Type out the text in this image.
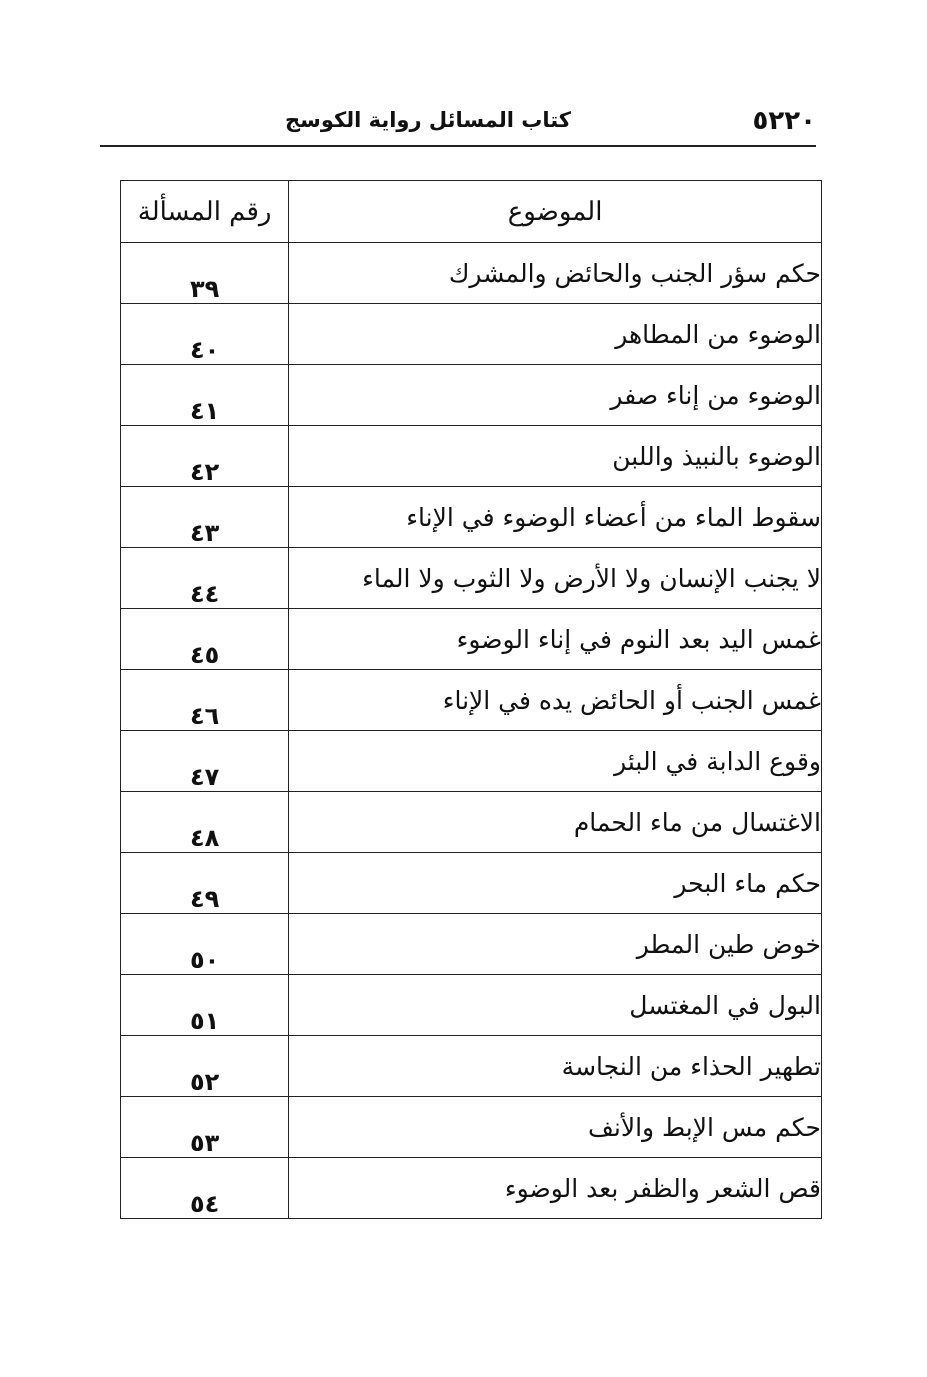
٥٢٢٠
كتاب المسائل رواية الكوسج
الموضوع	رقم المسألة
حكم سؤر الجنب والحائض والمشرك	٣٩
الوضوء من المطاهر	٤٠
الوضوء من إناء صفر	٤١
الوضوء بالنبيذ واللبن	٤٢
سقوط الماء من أعضاء الوضوء في الإناء	٤٣
لا يجنب الإنسان ولا الأرض ولا الثوب ولا الماء	٤٤
غمس اليد بعد النوم في إناء الوضوء	٤٥
غمس الجنب أو الحائض يده في الإناء	٤٦
وقوع الدابة في البئر	٤٧
الاغتسال من ماء الحمام	٤٨
حكم ماء البحر	٤٩
خوض طين المطر	٥٠
البول في المغتسل	٥١
تطهير الحذاء من النجاسة	٥٢
حكم مس الإبط والأنف	٥٣
قص الشعر والظفر بعد الوضوء	٥٤
